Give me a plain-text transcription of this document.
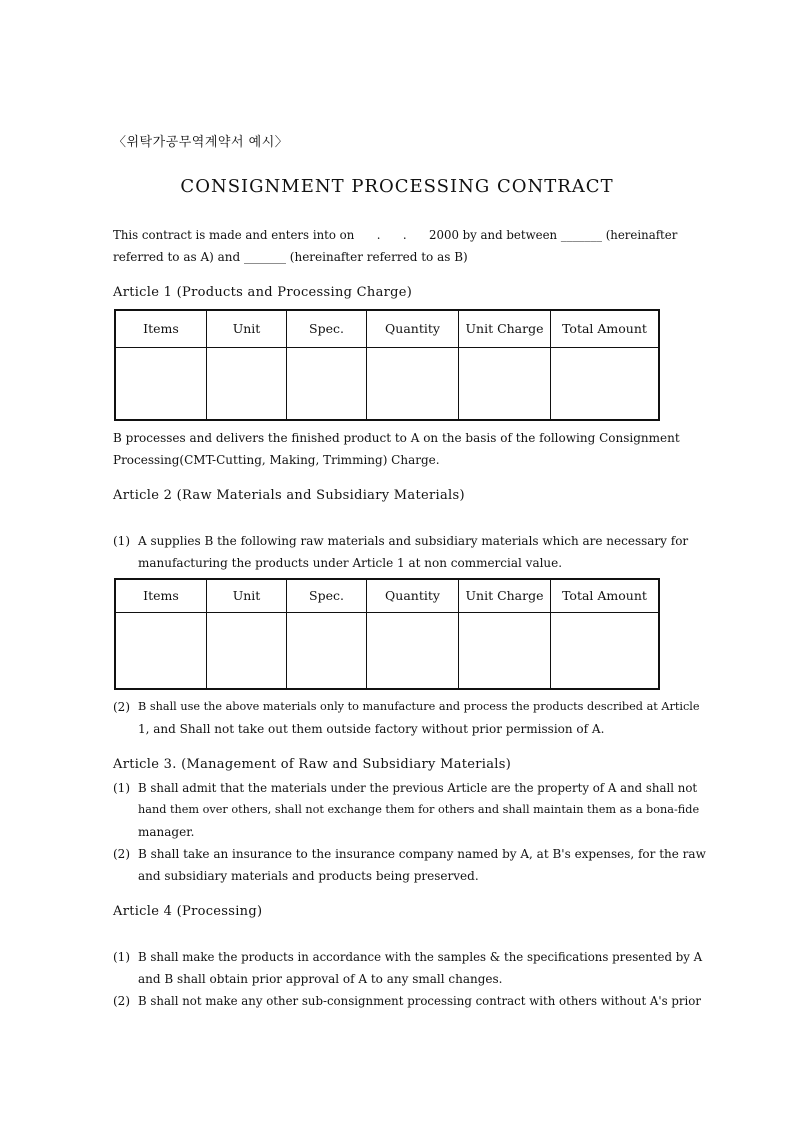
〈위탁가공무역계약서 예시〉
CONSIGNMENT PROCESSING CONTRACT
This contract is made and enters into on      .      .      2000 by and between _______ (hereinafter
referred to as A) and _______ (hereinafter referred to as B)
Article 1 (Products and Processing Charge)
Items	Unit	Spec.	Quantity	Unit Charge	Total Amount

B processes and delivers the finished product to A on the basis of the following Consignment
Processing(CMT-Cutting, Making, Trimming) Charge.
Article 2 (Raw Materials and Subsidiary Materials)
(1) A supplies B the following raw materials and subsidiary materials which are necessary for
manufacturing the products under Article 1 at non commercial value.
Items	Unit	Spec.	Quantity	Unit Charge	Total Amount

(2) B shall use the above materials only to manufacture and process the products described at Article
1, and Shall not take out them outside factory without prior permission of A.
Article 3. (Management of Raw and Subsidiary Materials)
(1) B shall admit that the materials under the previous Article are the property of A and shall not
hand them over others, shall not exchange them for others and shall maintain them as a bona-fide
manager.
(2) B shall take an insurance to the insurance company named by A, at B's expenses, for the raw
and subsidiary materials and products being preserved.
Article 4 (Processing)
(1) B shall make the products in accordance with the samples & the specifications presented by A
and B shall obtain prior approval of A to any small changes.
(2) B shall not make any other sub-consignment processing contract with others without A's prior
